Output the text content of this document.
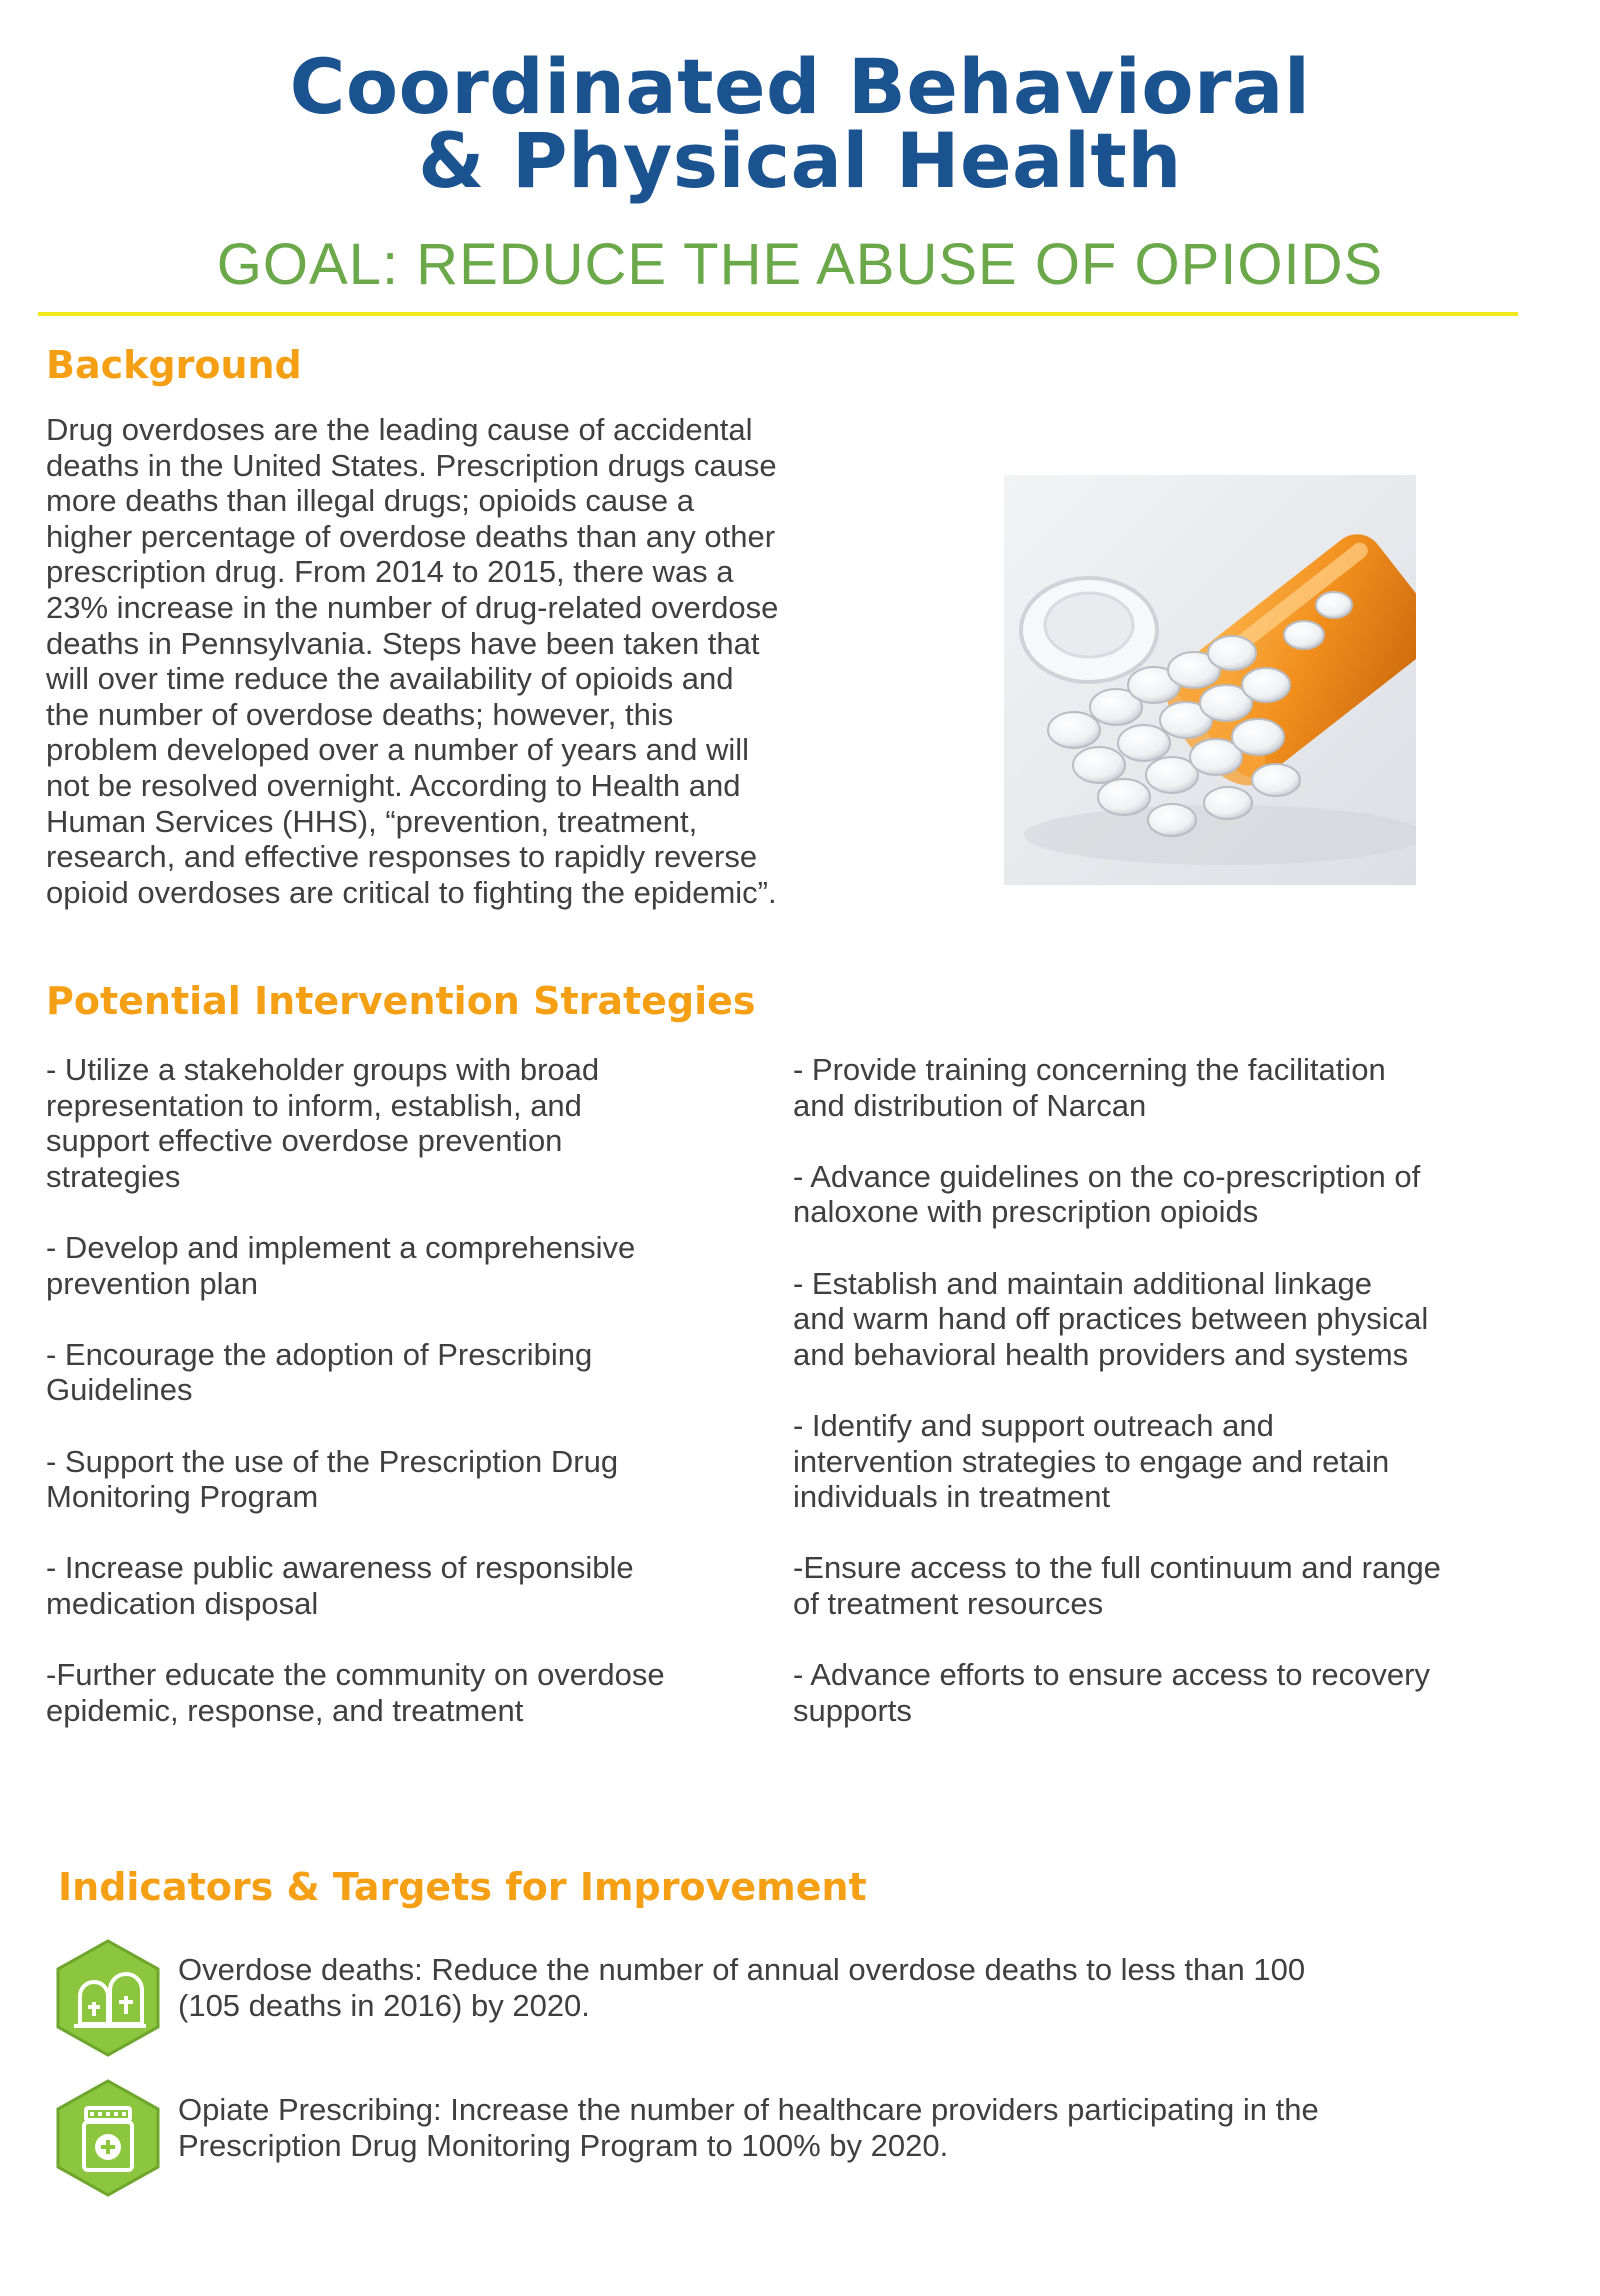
Coordinated Behavioral
& Physical Health

GOAL: REDUCE THE ABUSE OF OPIOIDS

Background

Drug overdoses are the leading cause of accidental
deaths in the United States. Prescription drugs cause
more deaths than illegal drugs; opioids cause a
higher percentage of overdose deaths than any other
prescription drug. From 2014 to 2015, there was a
23% increase in the number of drug-related overdose
deaths in Pennsylvania. Steps have been taken that
will over time reduce the availability of opioids and
the number of overdose deaths; however, this
problem developed over a number of years and will
not be resolved overnight. According to Health and
Human Services (HHS), “prevention, treatment,
research, and effective responses to rapidly reverse
opioid overdoses are critical to fighting the epidemic”.

Potential Intervention Strategies
- Utilize a stakeholder groups with broad
representation to inform, establish, and
support effective overdose prevention
strategies
- Develop and implement a comprehensive
prevention plan
- Encourage the adoption of Prescribing
Guidelines
- Support the use of the Prescription Drug
Monitoring Program
- Increase public awareness of responsible
medication disposal
-Further educate the community on overdose
epidemic, response, and treatment
- Provide training concerning the facilitation
and distribution of Narcan
- Advance guidelines on the co-prescription of
naloxone with prescription opioids
- Establish and maintain additional linkage
and warm hand off practices between physical
and behavioral health providers and systems
- Identify and support outreach and
intervention strategies to engage and retain
individuals in treatment
-Ensure access to the full continuum and range
of treatment resources
- Advance efforts to ensure access to recovery
supports
Indicators & Targets for Improvement

Overdose deaths: Reduce the number of annual overdose deaths to less than 100
(105 deaths in 2016) by 2020.

Opiate Prescribing: Increase the number of healthcare providers participating in the
Prescription Drug Monitoring Program to 100% by 2020.
